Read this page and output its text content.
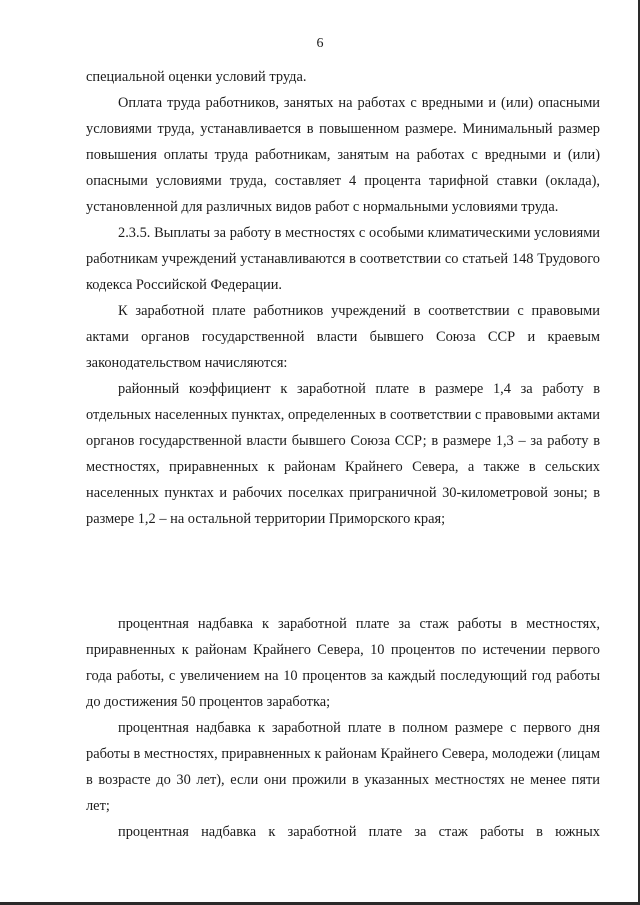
6

специальной оценки условий труда.

Оплата труда работников, занятых на работах с вредными и (или) опасными условиями труда, устанавливается в повышенном размере. Минимальный размер повышения оплаты труда работникам, занятым на работах с вредными и (или) опасными условиями труда, составляет 4 процента тарифной ставки (оклада), установленной для различных видов работ с нормальными условиями труда.

2.3.5. Выплаты за работу в местностях с особыми климатическими условиями работникам учреждений устанавливаются в соответствии со статьей 148 Трудового кодекса Российской Федерации.

К заработной плате работников учреждений в соответствии с правовыми актами органов государственной власти бывшего Союза ССР и краевым законодательством начисляются:

районный коэффициент к заработной плате в размере 1,4 за работу в отдельных населенных пунктах, определенных в соответствии с правовыми актами органов государственной власти бывшего Союза ССР; в размере 1,3 – за работу в местностях, приравненных к районам Крайнего Севера, а также в сельских населенных пунктах и рабочих поселках приграничной 30-километровой зоны; в размере 1,2 – на остальной территории Приморского края;

процентная надбавка к заработной плате за стаж работы в местностях, приравненных к районам Крайнего Севера, 10 процентов по истечении первого года работы, с увеличением на 10 процентов за каждый последующий год работы до достижения 50 процентов заработка;

процентная надбавка к заработной плате в полном размере с первого дня работы в местностях, приравненных к районам Крайнего Севера, молодежи (лицам в возрасте до 30 лет), если они прожили в указанных местностях не менее пяти лет;

процентная надбавка к заработной плате за стаж работы в южных
